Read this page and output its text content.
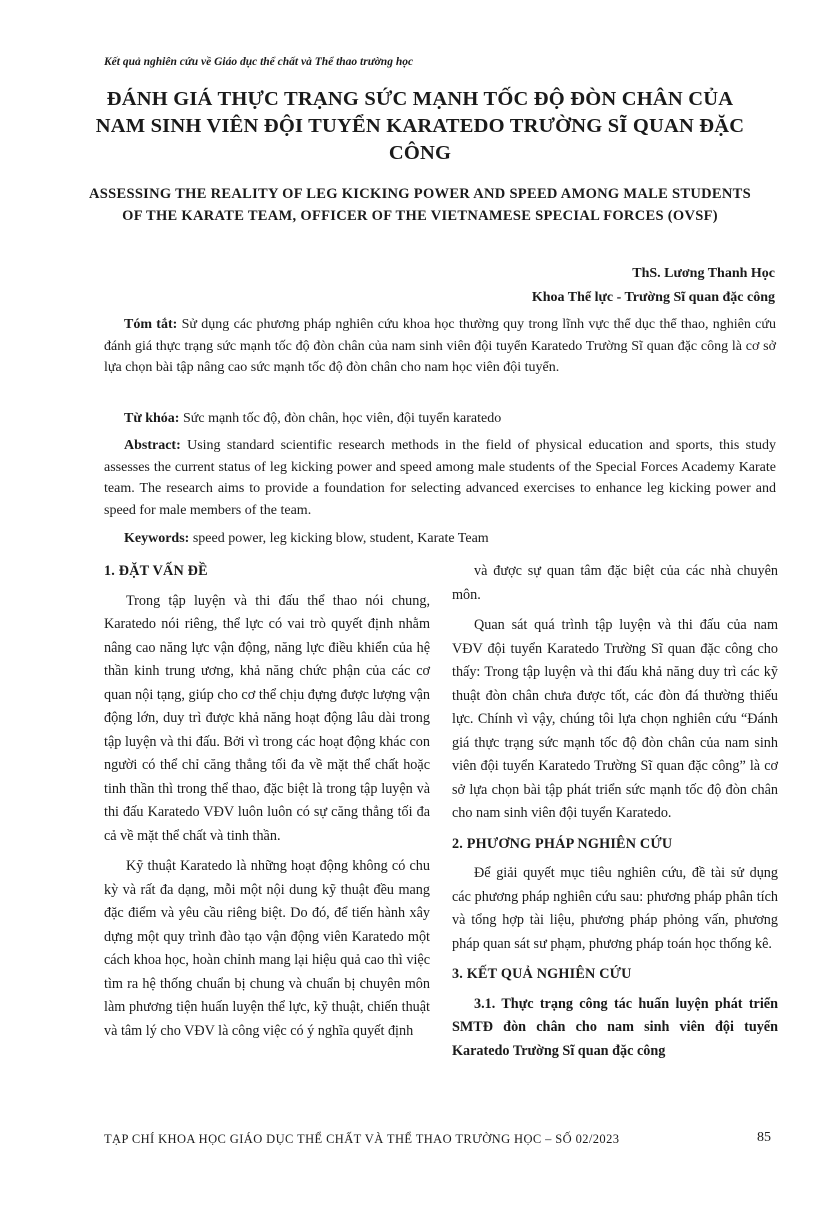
Kết quả nghiên cứu về Giáo dục thể chất và Thể thao trường học
ĐÁNH GIÁ THỰC TRẠNG SỨC MẠNH TỐC ĐỘ ĐÒN CHÂN CỦA NAM SINH VIÊN ĐỘI TUYỂN KARATEDO TRƯỜNG SĨ QUAN ĐẶC CÔNG
ASSESSING THE REALITY OF LEG KICKING POWER AND SPEED AMONG MALE STUDENTS OF THE KARATE TEAM, OFFICER OF THE VIETNAMESE SPECIAL FORCES (OVSF)
ThS. Lương Thanh Học
Khoa Thể lực - Trường Sĩ quan đặc công

Tóm tắt: Sử dụng các phương pháp nghiên cứu khoa học thường quy trong lĩnh vực thể dục thể thao, nghiên cứu đánh giá thực trạng sức mạnh tốc độ đòn chân của nam sinh viên đội tuyển Karatedo Trường Sĩ quan đặc công là cơ sở lựa chọn bài tập nâng cao sức mạnh tốc độ đòn chân cho nam học viên đội tuyển.

Từ khóa: Sức mạnh tốc độ, đòn chân, học viên, đội tuyển karatedo

Abstract: Using standard scientific research methods in the field of physical education and sports, this study assesses the current status of leg kicking power and speed among male students of the Special Forces Academy Karate team. The research aims to provide a foundation for selecting advanced exercises to enhance leg kicking power and speed for male members of the team.

Keywords: speed power, leg kicking blow, student, Karate Team

1. ĐẶT VẤN ĐỀ

Trong tập luyện và thi đấu thể thao nói chung, Karatedo nói riêng, thể lực có vai trò quyết định nhằm nâng cao năng lực vận động, năng lực điều khiển của hệ thần kinh trung ương, khả năng chức phận của các cơ quan nội tạng, giúp cho cơ thể chịu đựng được lượng vận động lớn, duy trì được khả năng hoạt động lâu dài trong tập luyện và thi đấu. Bởi vì trong các hoạt động khác con người có thể chỉ căng thẳng tối đa về mặt thể chất hoặc tinh thần thì trong thể thao, đặc biệt là trong tập luyện và thi đấu Karatedo VĐV luôn luôn có sự căng thẳng tối đa cả về mặt thể chất và tinh thần.

Kỹ thuật Karatedo là những hoạt động không có chu kỳ và rất đa dạng, mỗi một nội dung kỹ thuật đều mang đặc điểm và yêu cầu riêng biệt. Do đó, để tiến hành xây dựng một quy trình đào tạo vận động viên Karatedo một cách khoa học, hoàn chỉnh mang lại hiệu quả cao thì việc tìm ra hệ thống chuẩn bị chung và chuẩn bị chuyên môn làm phương tiện huấn luyện thể lực, kỹ thuật, chiến thuật và tâm lý cho VĐV là công việc có ý nghĩa quyết định

và được sự quan tâm đặc biệt của các nhà chuyên môn.

Quan sát quá trình tập luyện và thi đấu của nam VĐV đội tuyển Karatedo Trường Sĩ quan đặc công cho thấy: Trong tập luyện và thi đấu khả năng duy trì các kỹ thuật đòn chân chưa được tốt, các đòn đá thường thiếu lực. Chính vì vậy, chúng tôi lựa chọn nghiên cứu “Đánh giá thực trạng sức mạnh tốc độ đòn chân của nam sinh viên đội tuyển Karatedo Trường Sĩ quan đặc công” là cơ sở lựa chọn bài tập phát triển sức mạnh tốc độ đòn chân cho nam sinh viên đội tuyển Karatedo.

2. PHƯƠNG PHÁP NGHIÊN CỨU

Để giải quyết mục tiêu nghiên cứu, đề tài sử dụng các phương pháp nghiên cứu sau: phương pháp phân tích và tổng hợp tài liệu, phương pháp phỏng vấn, phương pháp quan sát sư phạm, phương pháp toán học thống kê.

3. KẾT QUẢ NGHIÊN CỨU

3.1. Thực trạng công tác huấn luyện phát triển SMTĐ đòn chân cho nam sinh viên đội tuyển Karatedo Trường Sĩ quan đặc công

TẠP CHÍ KHOA HỌC GIÁO DỤC THỂ CHẤT VÀ THỂ THAO TRƯỜNG HỌC – SỐ 02/2023	85
